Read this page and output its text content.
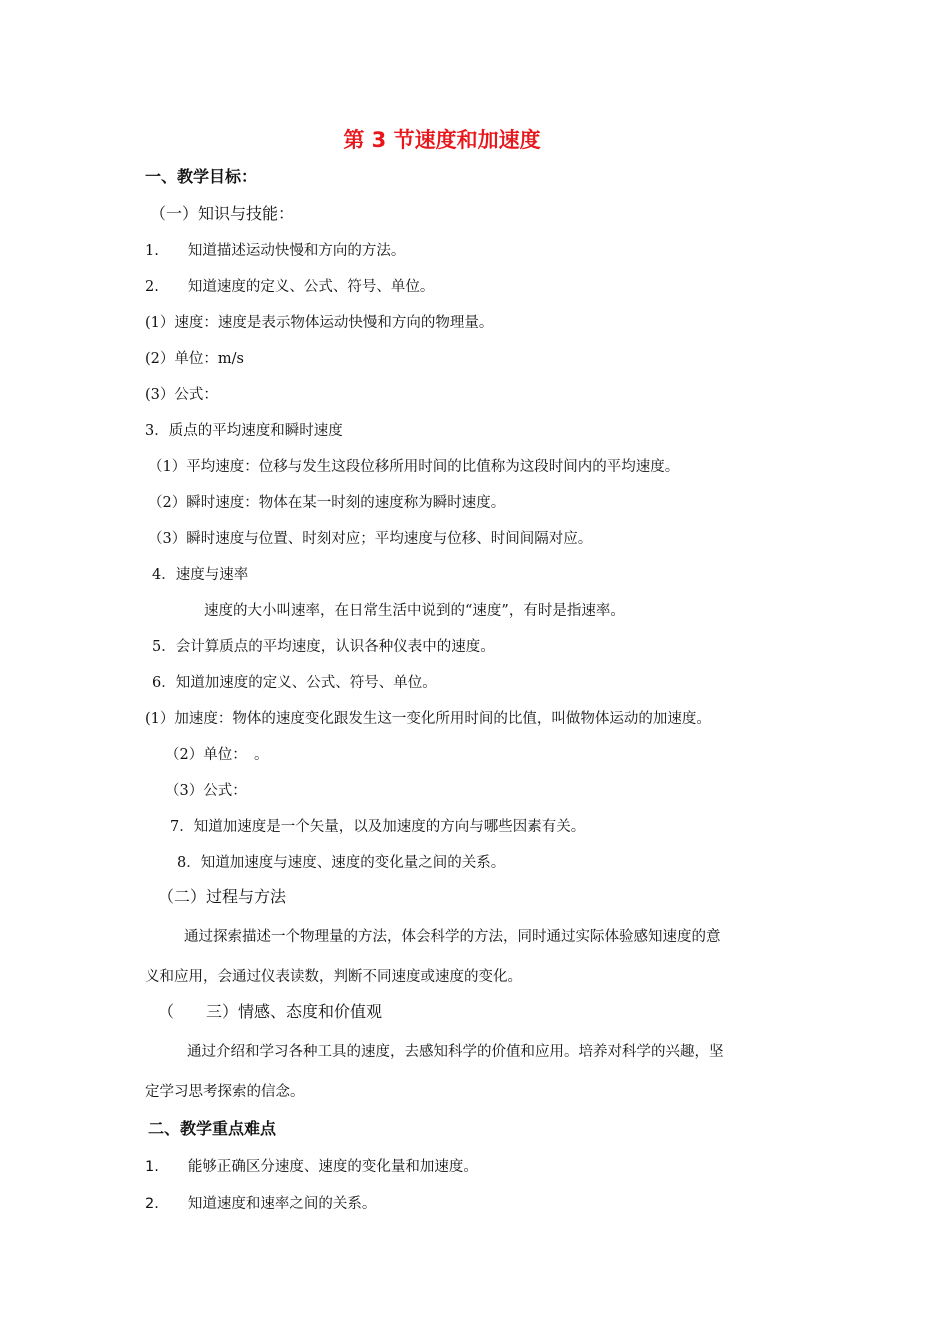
第 3 节速度和加速度
一、教学目标：
（一）知识与技能：
1.　　知道描述运动快慢和方向的方法。
2.　　知道速度的定义、公式、符号、单位。
(1）速度：速度是表示物体运动快慢和方向的物理量。
(2）单位：m/s
(3）公式：
3．质点的平均速度和瞬时速度
（1）平均速度：位移与发生这段位移所用时间的比值称为这段时间内的平均速度。
（2）瞬时速度：物体在某一时刻的速度称为瞬时速度。
（3）瞬时速度与位置、时刻对应；平均速度与位移、时间间隔对应。
4．速度与速率
速度的大小叫速率，在日常生活中说到的“速度”，有时是指速率。
5．会计算质点的平均速度，认识各种仪表中的速度。
6．知道加速度的定义、公式、符号、单位。
(1）加速度：物体的速度变化跟发生这一变化所用时间的比值，叫做物体运动的加速度。
（2）单位：　。
（3）公式：
7．知道加速度是一个矢量，以及加速度的方向与哪些因素有关。
8．知道加速度与速度、速度的变化量之间的关系。
（二）过程与方法
通过探索描述一个物理量的方法，体会科学的方法，同时通过实际体验感知速度的意
义和应用，会通过仪表读数，判断不同速度或速度的变化。
（　　三）情感、态度和价值观
通过介绍和学习各种工具的速度，去感知科学的价值和应用。培养对科学的兴趣，坚
定学习思考探索的信念。
二、教学重点难点
1.　　能够正确区分速度、速度的变化量和加速度。
2.　　知道速度和速率之间的关系。
